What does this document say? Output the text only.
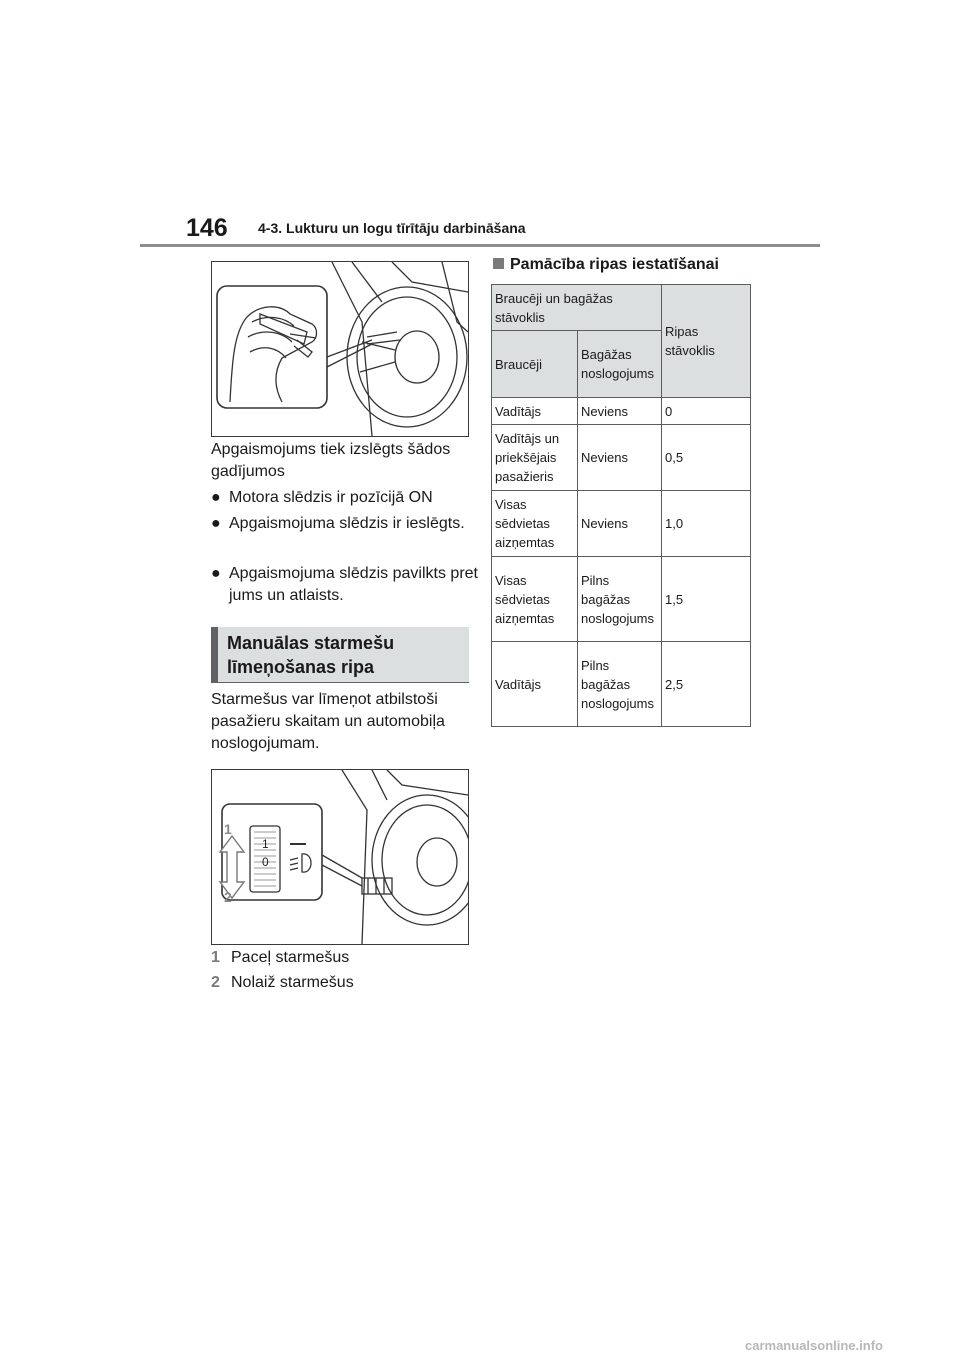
146 4-3. Lukturu un logu tīrītāju darbināšana
Apgaismojums tiek izslēgts šādos gadījumos
● Motora slēdzis ir pozīcijā ON
● Apgaismojuma slēdzis ir ieslēgts.
● Apgaismojuma slēdzis pavilkts pret jums un atlaists.
Manuālas starmešu līmeņošanas ripa
Starmešus var līmeņot atbilstoši pasažieru skaitam un automobiļa noslogojumam.
1
0
1
2
1 Paceļ starmešus
2 Nolaiž starmešus
Pamācība ripas iestatīšanai
Braucēji un bagāžas stāvoklis		Ripas stāvoklis
Braucēji	Bagāžas noslogojums	
Vadītājs	Neviens	0
Vadītājs un priekšējais pasažieris	Neviens	0,5
Visas sēdvietas aizņemtas	Neviens	1,0
Visas sēdvietas aizņemtas	Pilns bagāžas noslogojums	1,5
Vadītājs	Pilns bagāžas noslogojums	2,5
carmanualsonline.info
